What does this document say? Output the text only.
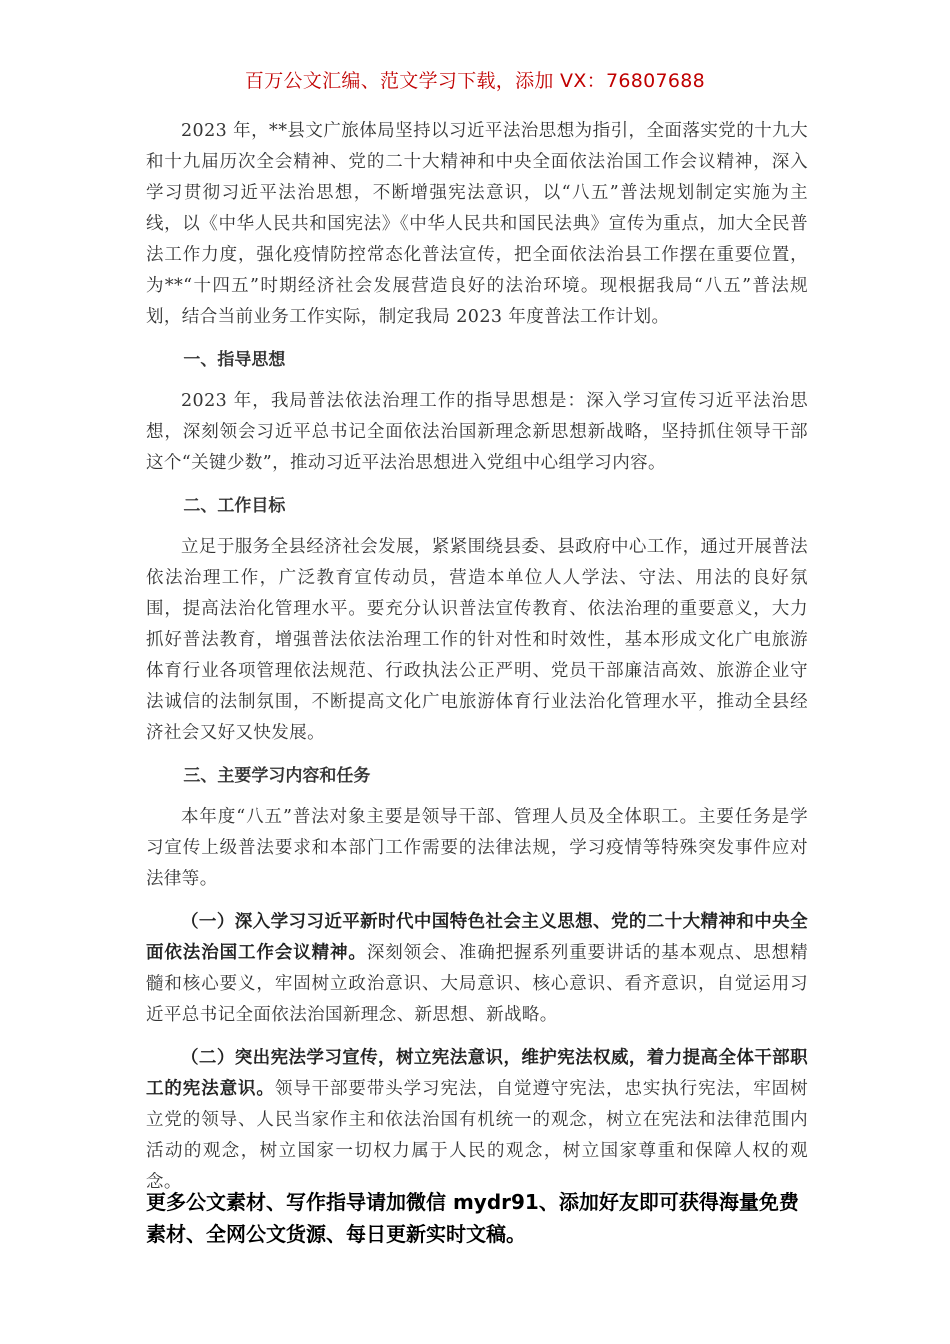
百万公文汇编、范文学习下载，添加 VX：76807688

2023 年，**县文广旅体局坚持以习近平法治思想为指引，全面落实党的十九大和十九届历次全会精神、党的二十大精神和中央全面依法治国工作会议精神，深入学习贯彻习近平法治思想，不断增强宪法意识，以“八五”普法规划制定实施为主线，以《中华人民共和国宪法》《中华人民共和国民法典》宣传为重点，加大全民普法工作力度，强化疫情防控常态化普法宣传，把全面依法治县工作摆在重要位置，为**“十四五”时期经济社会发展营造良好的法治环境。现根据我局“八五”普法规划，结合当前业务工作实际，制定我局 2023 年度普法工作计划。

一、指导思想

2023 年，我局普法依法治理工作的指导思想是：深入学习宣传习近平法治思想，深刻领会习近平总书记全面依法治国新理念新思想新战略，坚持抓住领导干部这个“关键少数”，推动习近平法治思想进入党组中心组学习内容。

二、工作目标

立足于服务全县经济社会发展，紧紧围绕县委、县政府中心工作，通过开展普法依法治理工作，广泛教育宣传动员，营造本单位人人学法、守法、用法的良好氛围，提高法治化管理水平。要充分认识普法宣传教育、依法治理的重要意义，大力抓好普法教育，增强普法依法治理工作的针对性和时效性，基本形成文化广电旅游体育行业各项管理依法规范、行政执法公正严明、党员干部廉洁高效、旅游企业守法诚信的法制氛围，不断提高文化广电旅游体育行业法治化管理水平，推动全县经济社会又好又快发展。

三、主要学习内容和任务

本年度“八五”普法对象主要是领导干部、管理人员及全体职工。主要任务是学习宣传上级普法要求和本部门工作需要的法律法规，学习疫情等特殊突发事件应对法律等。

（一）深入学习习近平新时代中国特色社会主义思想、党的二十大精神和中央全面依法治国工作会议精神。深刻领会、准确把握系列重要讲话的基本观点、思想精髓和核心要义，牢固树立政治意识、大局意识、核心意识、看齐意识，自觉运用习近平总书记全面依法治国新理念、新思想、新战略。

（二）突出宪法学习宣传，树立宪法意识，维护宪法权威，着力提高全体干部职工的宪法意识。领导干部要带头学习宪法，自觉遵守宪法，忠实执行宪法，牢固树立党的领导、人民当家作主和依法治国有机统一的观念，树立在宪法和法律范围内活动的观念，树立国家一切权力属于人民的观念，树立国家尊重和保障人权的观念。

更多公文素材、写作指导请加微信 mydr91、添加好友即可获得海量免费素材、全网公文货源、每日更新实时文稿。
